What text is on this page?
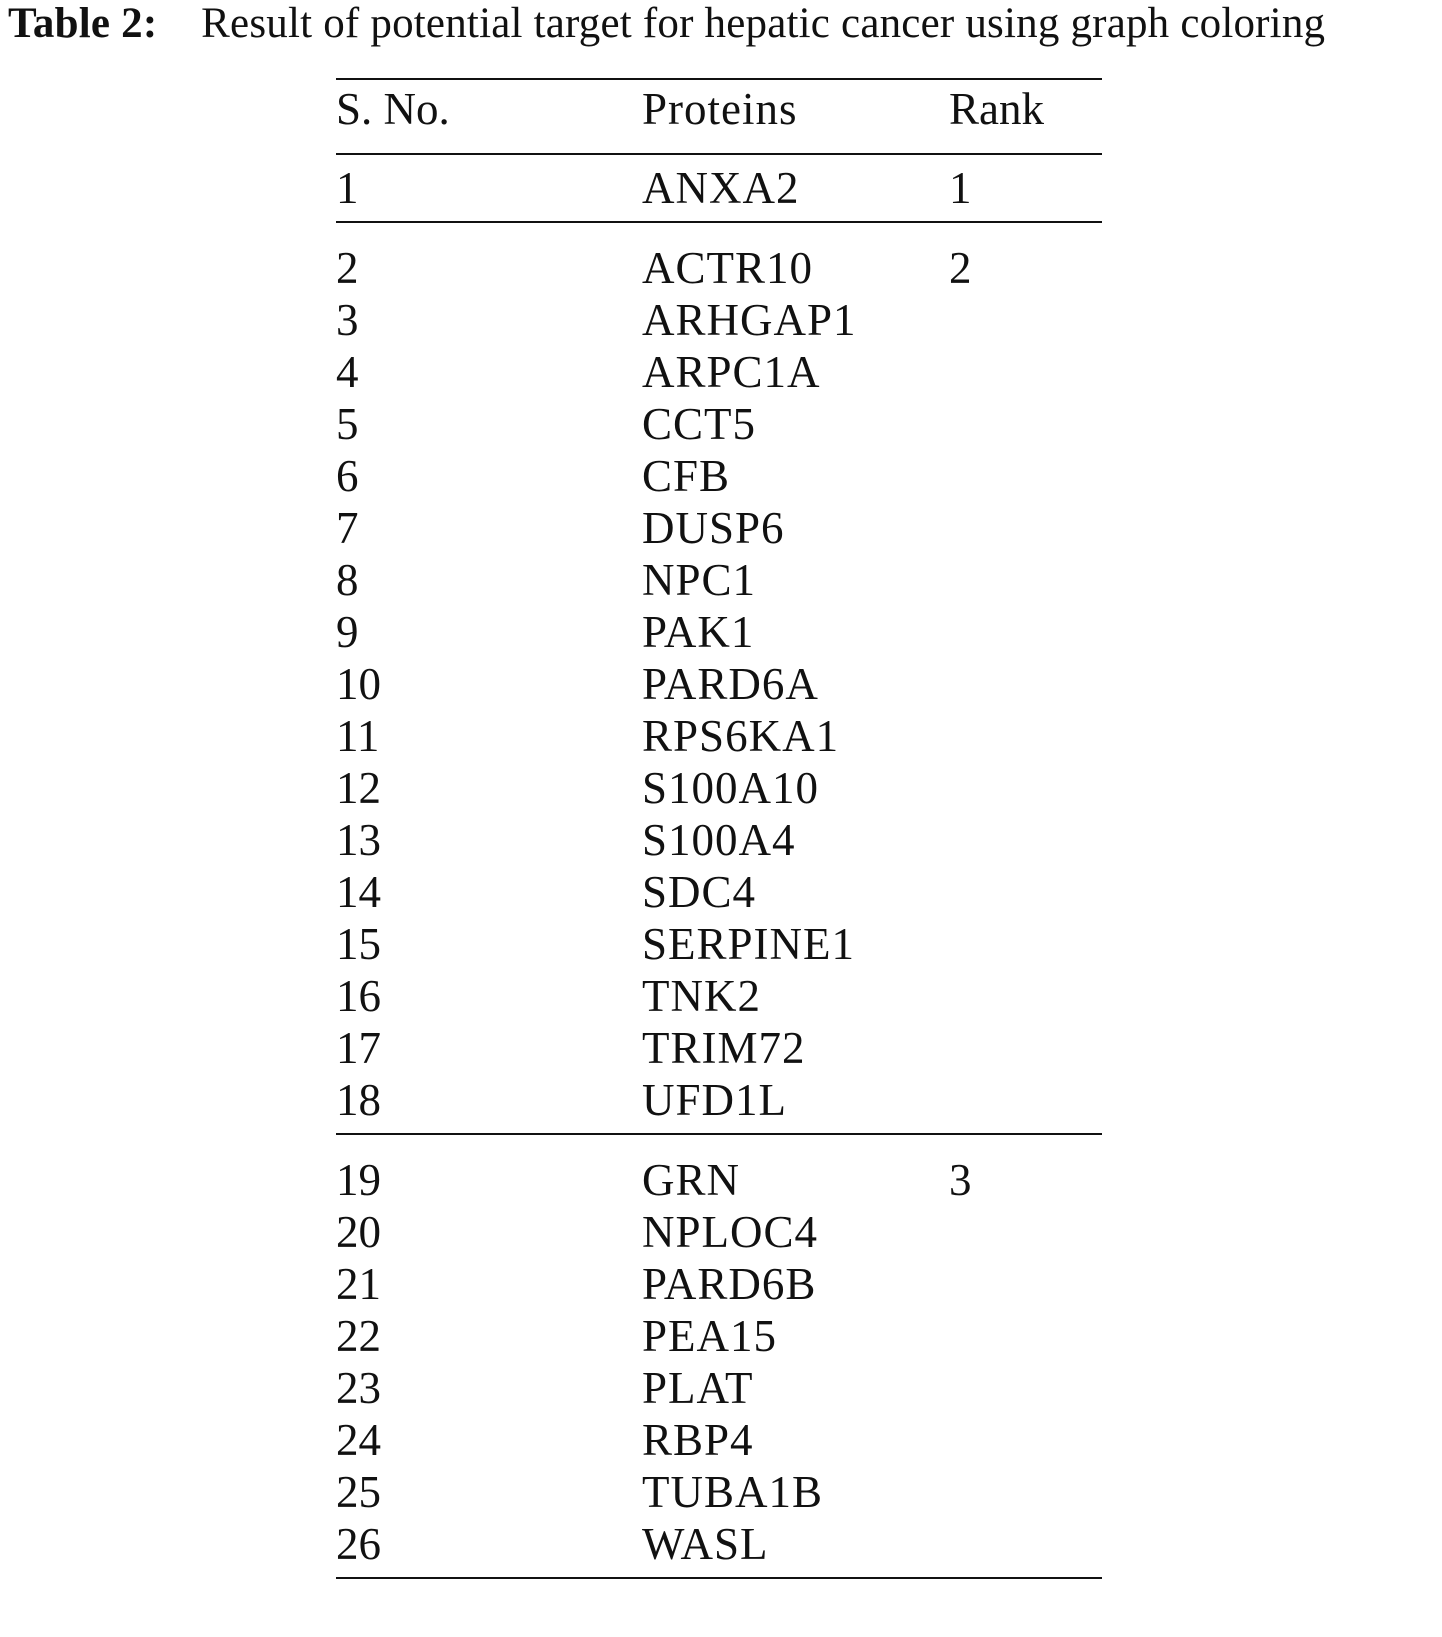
Table 2: Result of potential target for hepatic cancer using graph coloring
S. No.	Proteins	Rank
1	ANXA2	1
2	ACTR10	2
3	ARHGAP1
4	ARPC1A
5	CCT5
6	CFB
7	DUSP6
8	NPC1
9	PAK1
10	PARD6A
11	RPS6KA1
12	S100A10
13	S100A4
14	SDC4
15	SERPINE1
16	TNK2
17	TRIM72
18	UFD1L
19	GRN	3
20	NPLOC4
21	PARD6B
22	PEA15
23	PLAT
24	RBP4
25	TUBA1B
26	WASL
